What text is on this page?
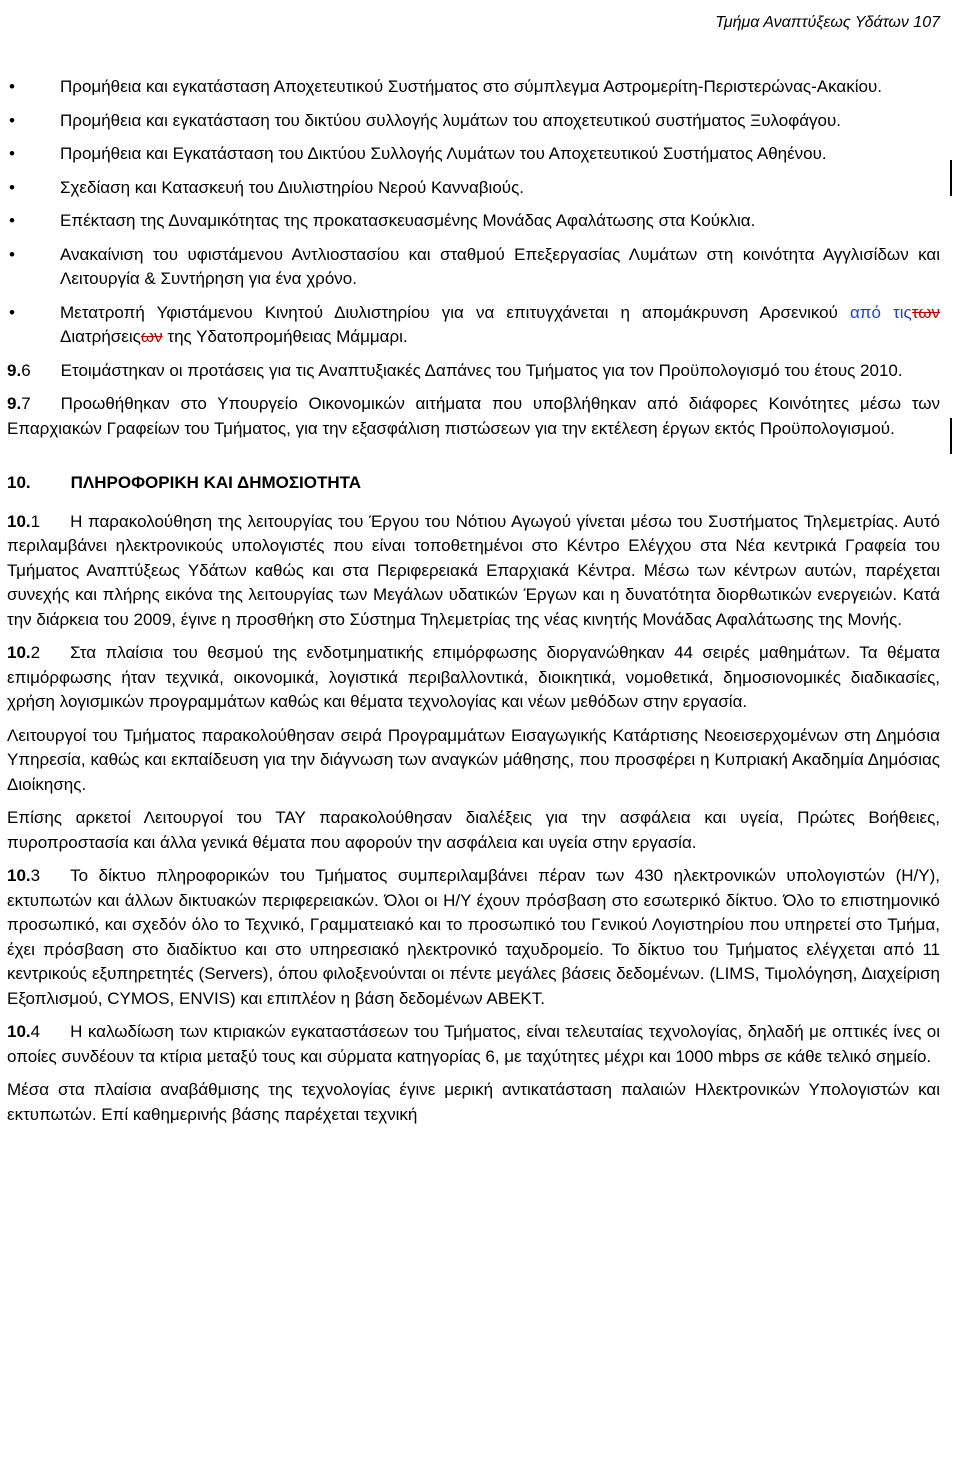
Τμήμα Αναπτύξεως Υδάτων 107
• Προμήθεια και εγκατάσταση Αποχετευτικού Συστήματος στο σύμπλεγμα Αστρομερίτη-Περιστερώνας-Ακακίου.
• Προμήθεια και εγκατάσταση του δικτύου συλλογής λυμάτων του αποχετευτικού συστήματος Ξυλοφάγου.
• Προμήθεια και Εγκατάσταση του Δικτύου Συλλογής Λυμάτων του Αποχετευτικού Συστήματος Αθηένου.
• Σχεδίαση και Κατασκευή του Διυλιστηρίου Νερού Κανναβιούς.
• Επέκταση της Δυναμικότητας της προκατασκευασμένης Μονάδας Αφαλάτωσης στα Κούκλια.
• Ανακαίνιση του υφιστάμενου Αντλιοστασίου και σταθμού Επεξεργασίας Λυμάτων στη κοινότητα Αγγλισίδων και Λειτουργία & Συντήρηση για ένα χρόνο.
• Μετατροπή Υφιστάμενου Κινητού Διυλιστηρίου για να επιτυγχάνεται η απομάκρυνση Αρσενικού από τιςτων Διατρήσειςων της Υδατοπρομήθειας Μάμμαρι.

9.6 Ετοιμάστηκαν οι προτάσεις για τις Αναπτυξιακές Δαπάνες του Τμήματος για τον Προϋπολογισμό του έτους 2010.

9.7 Προωθήθηκαν στο Υπουργείο Οικονομικών αιτήματα που υποβλήθηκαν από διάφορες Κοινότητες μέσω των Επαρχιακών Γραφείων του Τμήματος, για την εξασφάλιση πιστώσεων για την εκτέλεση έργων εκτός Προϋπολογισμού.

10. ΠΛΗΡΟΦΟΡΙΚΗ ΚΑΙ ΔΗΜΟΣΙΟΤΗΤΑ

10.1 Η παρακολούθηση της λειτουργίας του Έργου του Νότιου Αγωγού γίνεται μέσω του Συστήματος Τηλεμετρίας. Αυτό περιλαμβάνει ηλεκτρονικούς υπολογιστές που είναι τοποθετημένοι στο Κέντρο Ελέγχου στα Νέα κεντρικά Γραφεία του Τμήματος Αναπτύξεως Υδάτων καθώς και στα Περιφερειακά Επαρχιακά Κέντρα. Μέσω των κέντρων αυτών, παρέχεται συνεχής και πλήρης εικόνα της λειτουργίας των Μεγάλων υδατικών Έργων και η δυνατότητα διορθωτικών ενεργειών. Κατά την διάρκεια του 2009, έγινε η προσθήκη στο Σύστημα Τηλεμετρίας της νέας κινητής Μονάδας Αφαλάτωσης της Μονής.

10.2 Στα πλαίσια του θεσμού της ενδοτμηματικής επιμόρφωσης διοργανώθηκαν 44 σειρές μαθημάτων. Τα θέματα επιμόρφωσης ήταν τεχνικά, οικονομικά, λογιστικά περιβαλλοντικά, διοικητικά, νομοθετικά, δημοσιονομικές διαδικασίες, χρήση λογισμικών προγραμμάτων καθώς και θέματα τεχνολογίας και νέων μεθόδων στην εργασία.

Λειτουργοί του Τμήματος παρακολούθησαν σειρά Προγραμμάτων Εισαγωγικής Κατάρτισης Νεοεισερχομένων στη Δημόσια Υπηρεσία, καθώς και εκπαίδευση για την διάγνωση των αναγκών μάθησης, που προσφέρει η Κυπριακή Ακαδημία Δημόσιας Διοίκησης.

Επίσης αρκετοί Λειτουργοί του ΤΑΥ παρακολούθησαν διαλέξεις για την ασφάλεια και υγεία, Πρώτες Βοήθειες, πυροπροστασία και άλλα γενικά θέματα που αφορούν την ασφάλεια και υγεία στην εργασία.

10.3 Το δίκτυο πληροφορικών του Τμήματος συμπεριλαμβάνει πέραν των 430 ηλεκτρονικών υπολογιστών (Η/Υ), εκτυπωτών και άλλων δικτυακών περιφερειακών. Όλοι οι Η/Υ έχουν πρόσβαση στο εσωτερικό δίκτυο. Όλο το επιστημονικό προσωπικό, και σχεδόν όλο το Τεχνικό, Γραμματειακό και το προσωπικό του Γενικού Λογιστηρίου που υπηρετεί στο Τμήμα, έχει πρόσβαση στο διαδίκτυο και στο υπηρεσιακό ηλεκτρονικό ταχυδρομείο. Το δίκτυο του Τμήματος ελέγχεται από 11 κεντρικούς εξυπηρετητές (Servers), όπου φιλοξενούνται οι πέντε μεγάλες βάσεις δεδομένων. (LIMS, Τιμολόγηση, Διαχείριση Εξοπλισμού, CYMOS, ENVIS) και επιπλέον η βάση δεδομένων ΑΒΕΚΤ.

10.4 Η καλωδίωση των κτιριακών εγκαταστάσεων του Τμήματος, είναι τελευταίας τεχνολογίας, δηλαδή με οπτικές ίνες οι οποίες συνδέουν τα κτίρια μεταξύ τους και σύρματα κατηγορίας 6, με ταχύτητες μέχρι και 1000 mbps σε κάθε τελικό σημείο.

Μέσα στα πλαίσια αναβάθμισης της τεχνολογίας έγινε μερική αντικατάσταση παλαιών Ηλεκτρονικών Υπολογιστών και εκτυπωτών. Επί καθημερινής βάσης παρέχεται τεχνική
